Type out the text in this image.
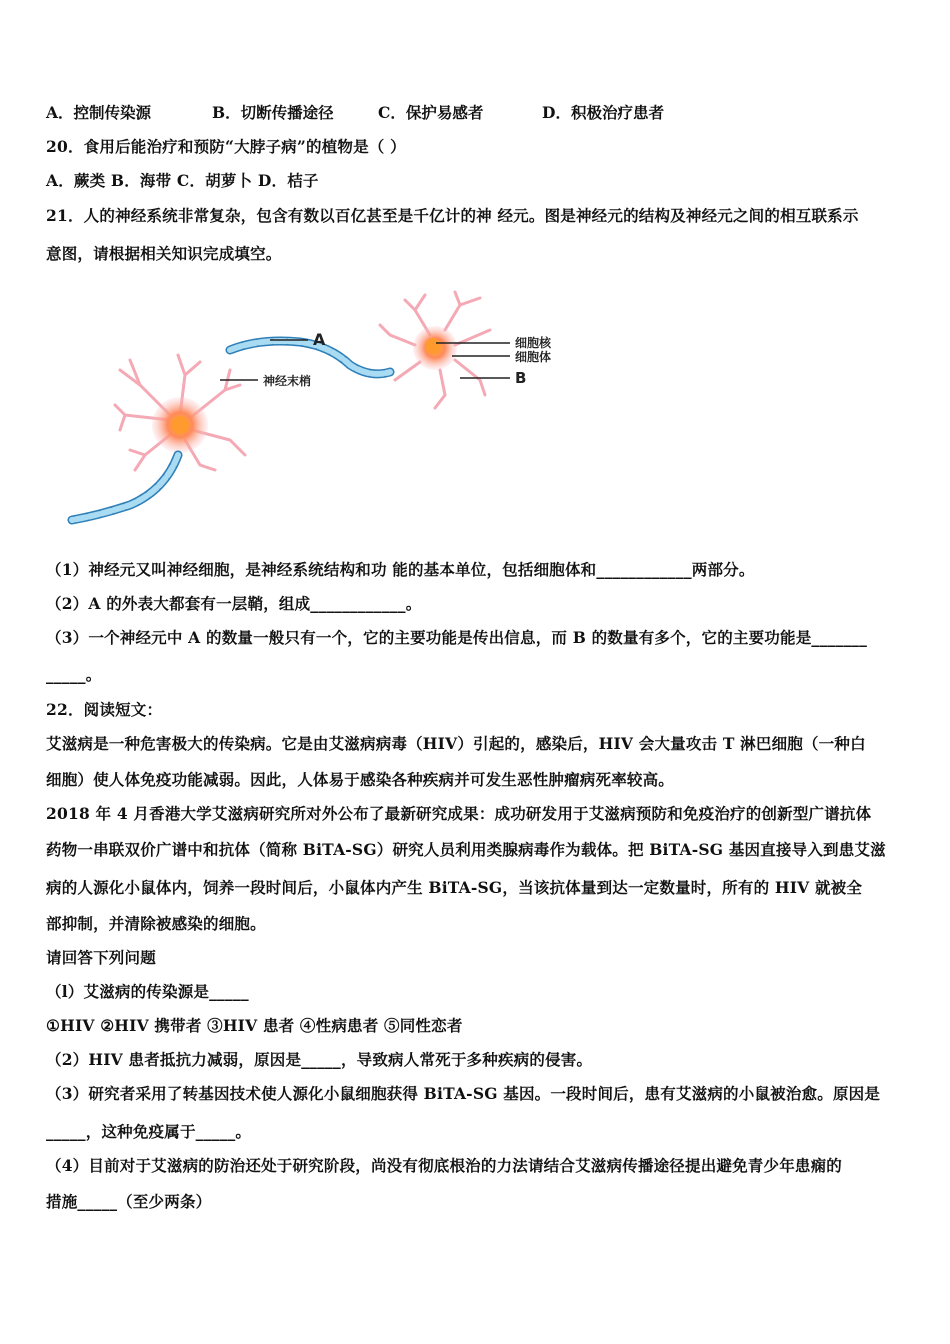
A．控制传染源	B．切断传播途径	C．保护易感者	D．积极治疗患者
20．食用后能治疗和预防“大脖子病”的植物是（ ）
A．蕨类 B．海带 C．胡萝卜 D．桔子
21．人的神经系统非常复杂，包含有数以百亿甚至是千亿计的神 经元。图是神经元的结构及神经元之间的相互联系示
意图，请根据相关知识完成填空。
A
神经末梢
细胞核
细胞体
B
（1）神经元又叫神经细胞，是神经系统结构和功 能的基本单位，包括细胞体和____________两部分。
（2）A 的外表大都套有一层鞘，组成____________。
（3）一个神经元中 A 的数量一般只有一个，它的主要功能是传出信息，而 B 的数量有多个，它的主要功能是_______
_____。
22．阅读短文：
艾滋病是一种危害极大的传染病。它是由艾滋病病毒（HIV）引起的，感染后，HIV 会大量攻击 T 淋巴细胞（一种白
细胞）使人体免疫功能减弱。因此，人体易于感染各种疾病并可发生恶性肿瘤病死率较高。
2018 年 4 月香港大学艾滋病研究所对外公布了最新研究成果：成功研发用于艾滋病预防和免疫治疗的创新型广谱抗体
药物一串联双价广谱中和抗体（简称 BiTA-SG）研究人员利用类腺病毒作为载体。把 BiTA-SG 基因直接导入到患艾滋
病的人源化小鼠体内，饲养一段时间后，小鼠体内产生 BiTA-SG，当该抗体量到达一定数量时，所有的 HIV 就被全
部抑制，并清除被感染的细胞。
请回答下列问题
（l）艾滋病的传染源是_____
①HIV ②HIV 携带者 ③HIV 患者 ④性病患者 ⑤同性恋者
（2）HIV 患者抵抗力减弱，原因是_____，导致病人常死于多种疾病的侵害。
（3）研究者采用了转基因技术使人源化小鼠细胞获得 BiTA-SG 基因。一段时间后，患有艾滋病的小鼠被治愈。原因是
_____，这种免疫属于_____。
（4）目前对于艾滋病的防治还处于研究阶段，尚没有彻底根治的力法请结合艾滋病传播途径提出避免青少年患痫的
措施_____（至少两条）
